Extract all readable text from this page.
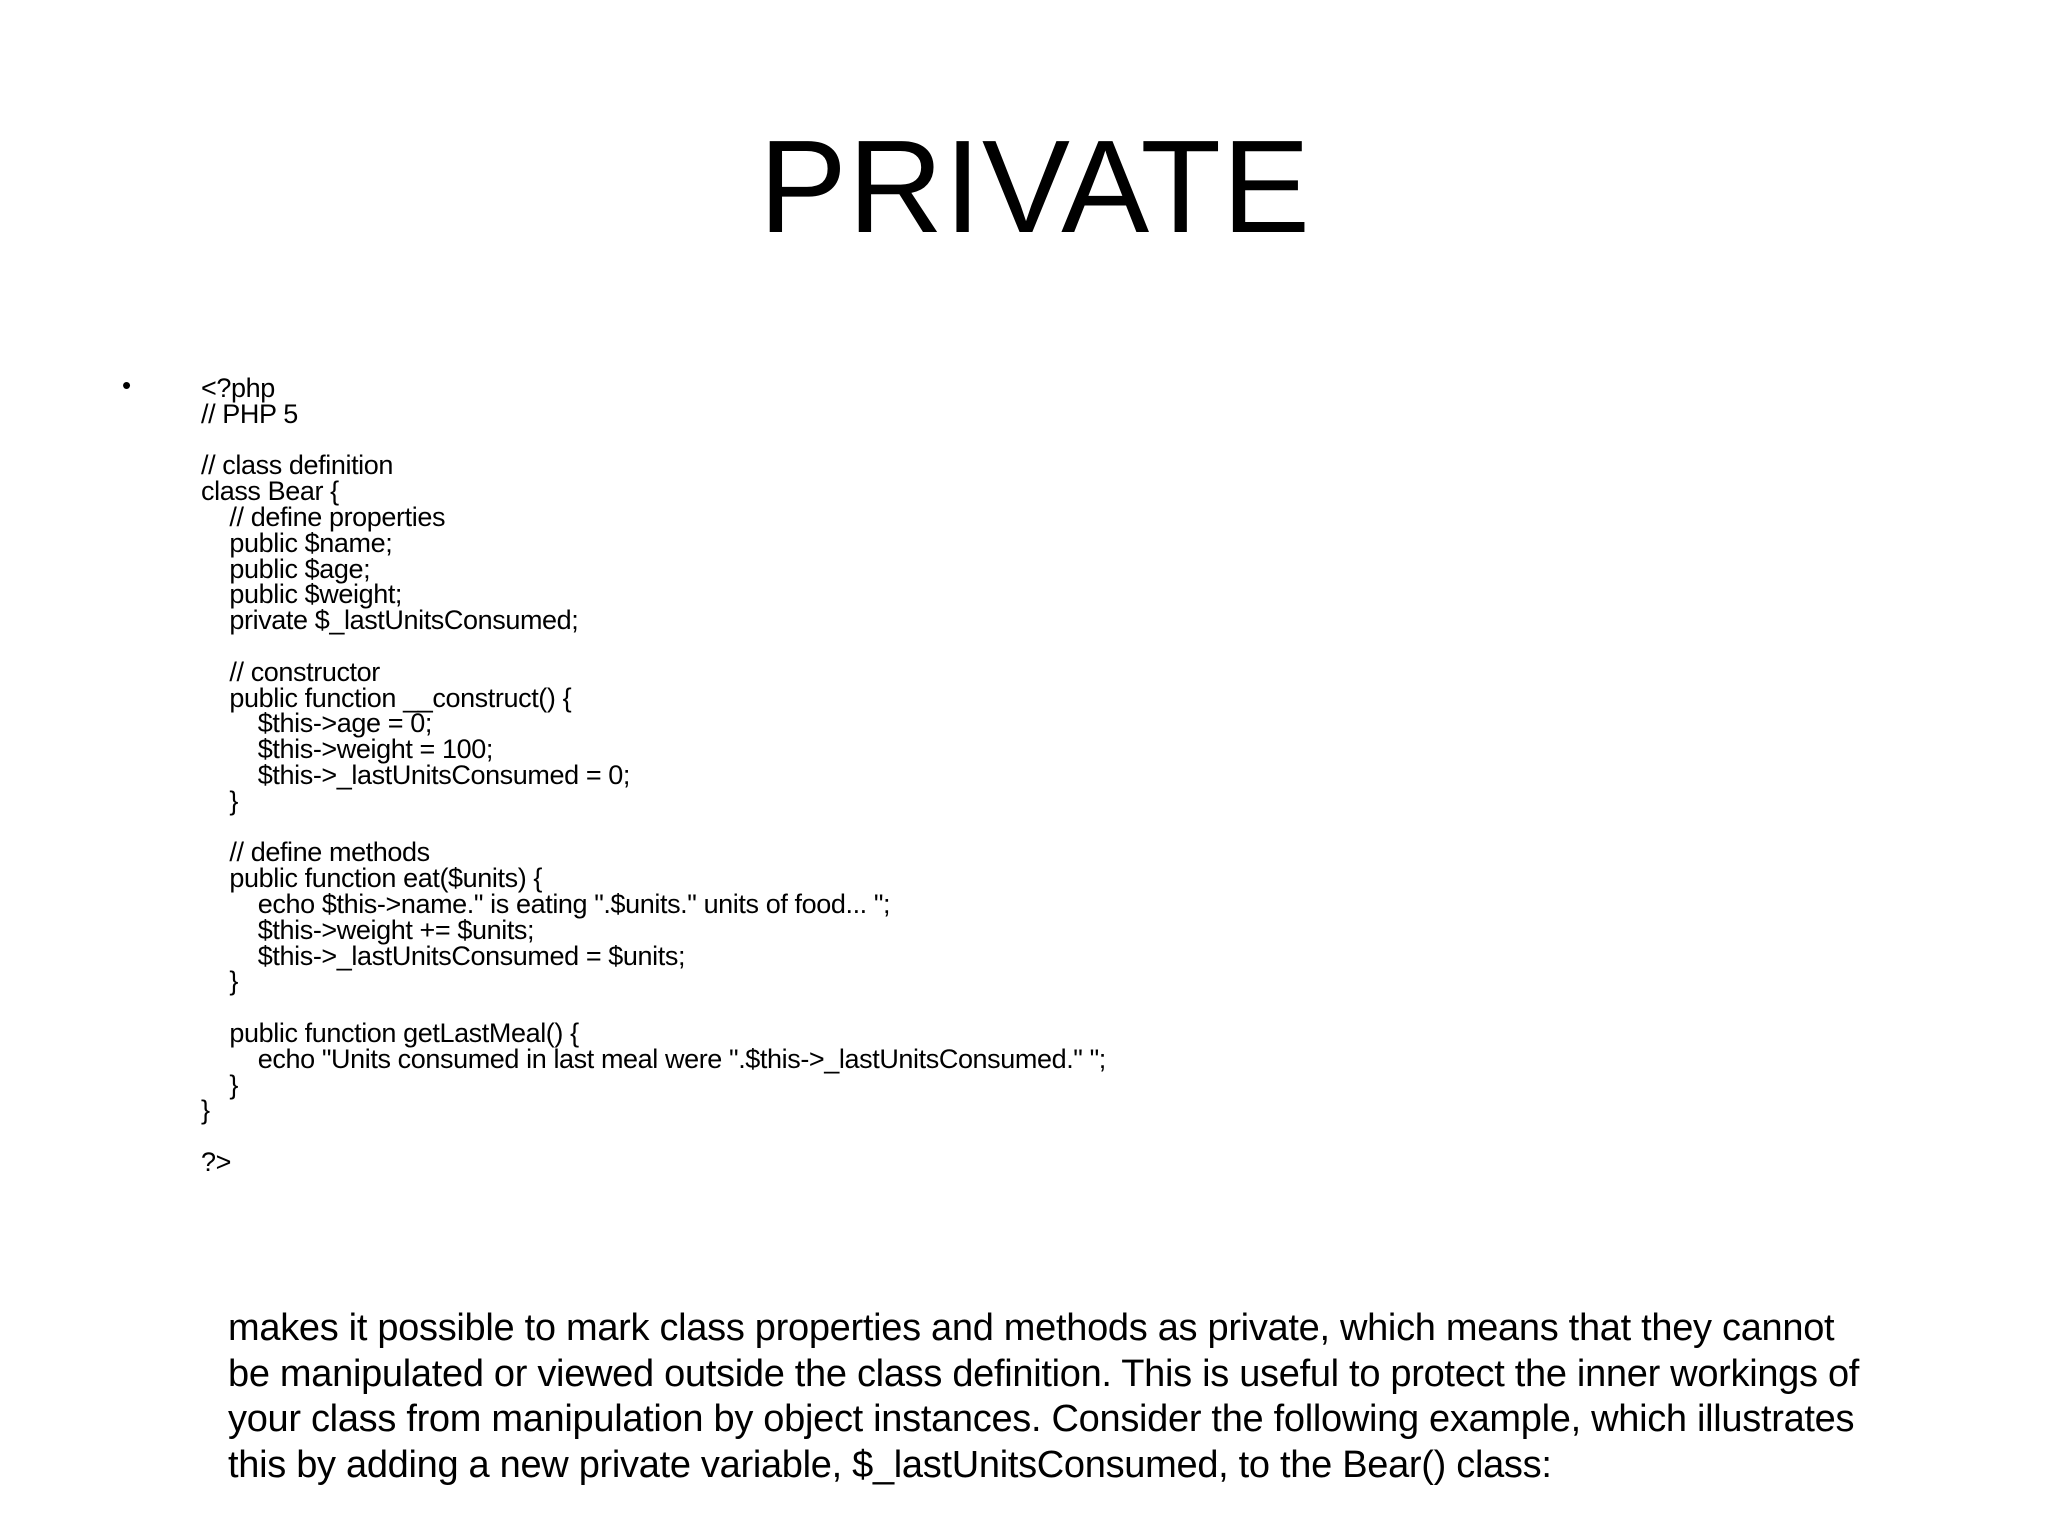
PRIVATE
•	<?php
// PHP 5
// class definition
class Bear {
// define properties
public $name;
public $age;
public $weight;
private $_lastUnitsConsumed;
// constructor
public function __construct() {
$this->age = 0;
$this->weight = 100;
$this->_lastUnitsConsumed = 0;
}
// define methods
public function eat($units) {
echo $this->name." is eating ".$units." units of food... ";
$this->weight += $units;
$this->_lastUnitsConsumed = $units;
}
public function getLastMeal() {
echo "Units consumed in last meal were ".$this->_lastUnitsConsumed." ";
}
}
?>
makes it possible to mark class properties and methods as private, which means that they cannot
be manipulated or viewed outside the class definition. This is useful to protect the inner workings of
your class from manipulation by object instances. Consider the following example, which illustrates
this by adding a new private variable, $_lastUnitsConsumed, to the Bear() class:
